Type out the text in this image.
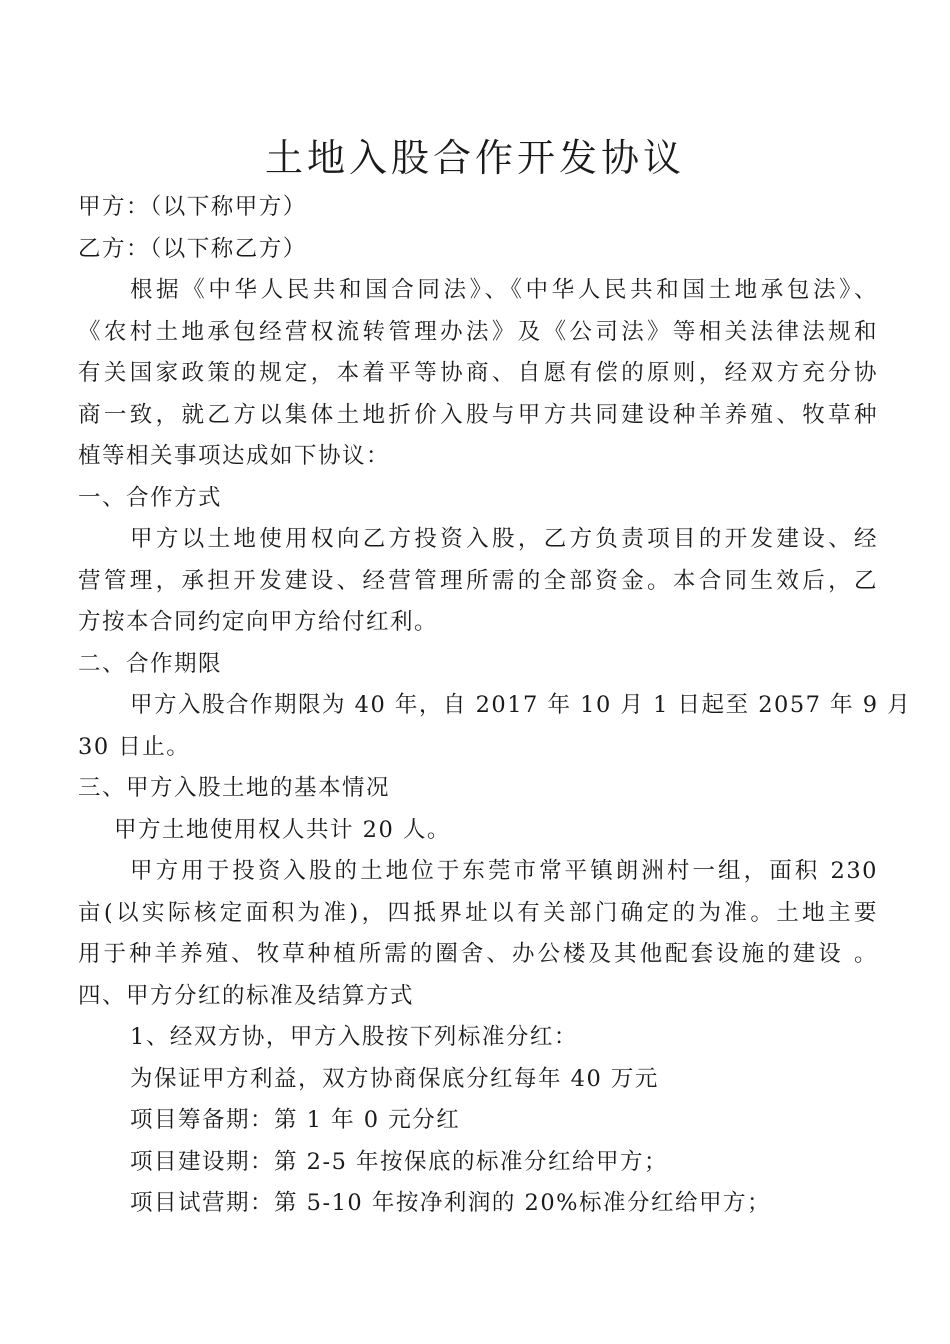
土地入股合作开发协议
甲方：（以下称甲方）
乙方：（以下称乙方）
根据《中华人民共和国合同法》、《中华人民共和国土地承包法》、
《农村土地承包经营权流转管理办法》及《公司法》等相关法律法规和
有关国家政策的规定，本着平等协商、自愿有偿的原则，经双方充分协
商一致，就乙方以集体土地折价入股与甲方共同建设种羊养殖、牧草种
植等相关事项达成如下协议：
一、合作方式
甲方以土地使用权向乙方投资入股，乙方负责项目的开发建设、经
营管理，承担开发建设、经营管理所需的全部资金。本合同生效后，乙
方按本合同约定向甲方给付红利。
二、合作期限
甲方入股合作期限为 40 年，自 2017 年 10 月 1 日起至 2057 年 9 月
30 日止。
三、甲方入股土地的基本情况
甲方土地使用权人共计 20 人。
甲方用于投资入股的土地位于东莞市常平镇朗洲村一组，面积 230
亩(以实际核定面积为准)，四抵界址以有关部门确定的为准。土地主要
用于种羊养殖、牧草种植所需的圈舍、办公楼及其他配套设施的建设 。
四、甲方分红的标准及结算方式
1、经双方协，甲方入股按下列标准分红：
为保证甲方利益，双方协商保底分红每年 40 万元
项目筹备期：第 1 年 0 元分红
项目建设期：第 2-5 年按保底的标准分红给甲方；
项目试营期：第 5-10 年按净利润的 20%标准分红给甲方；
